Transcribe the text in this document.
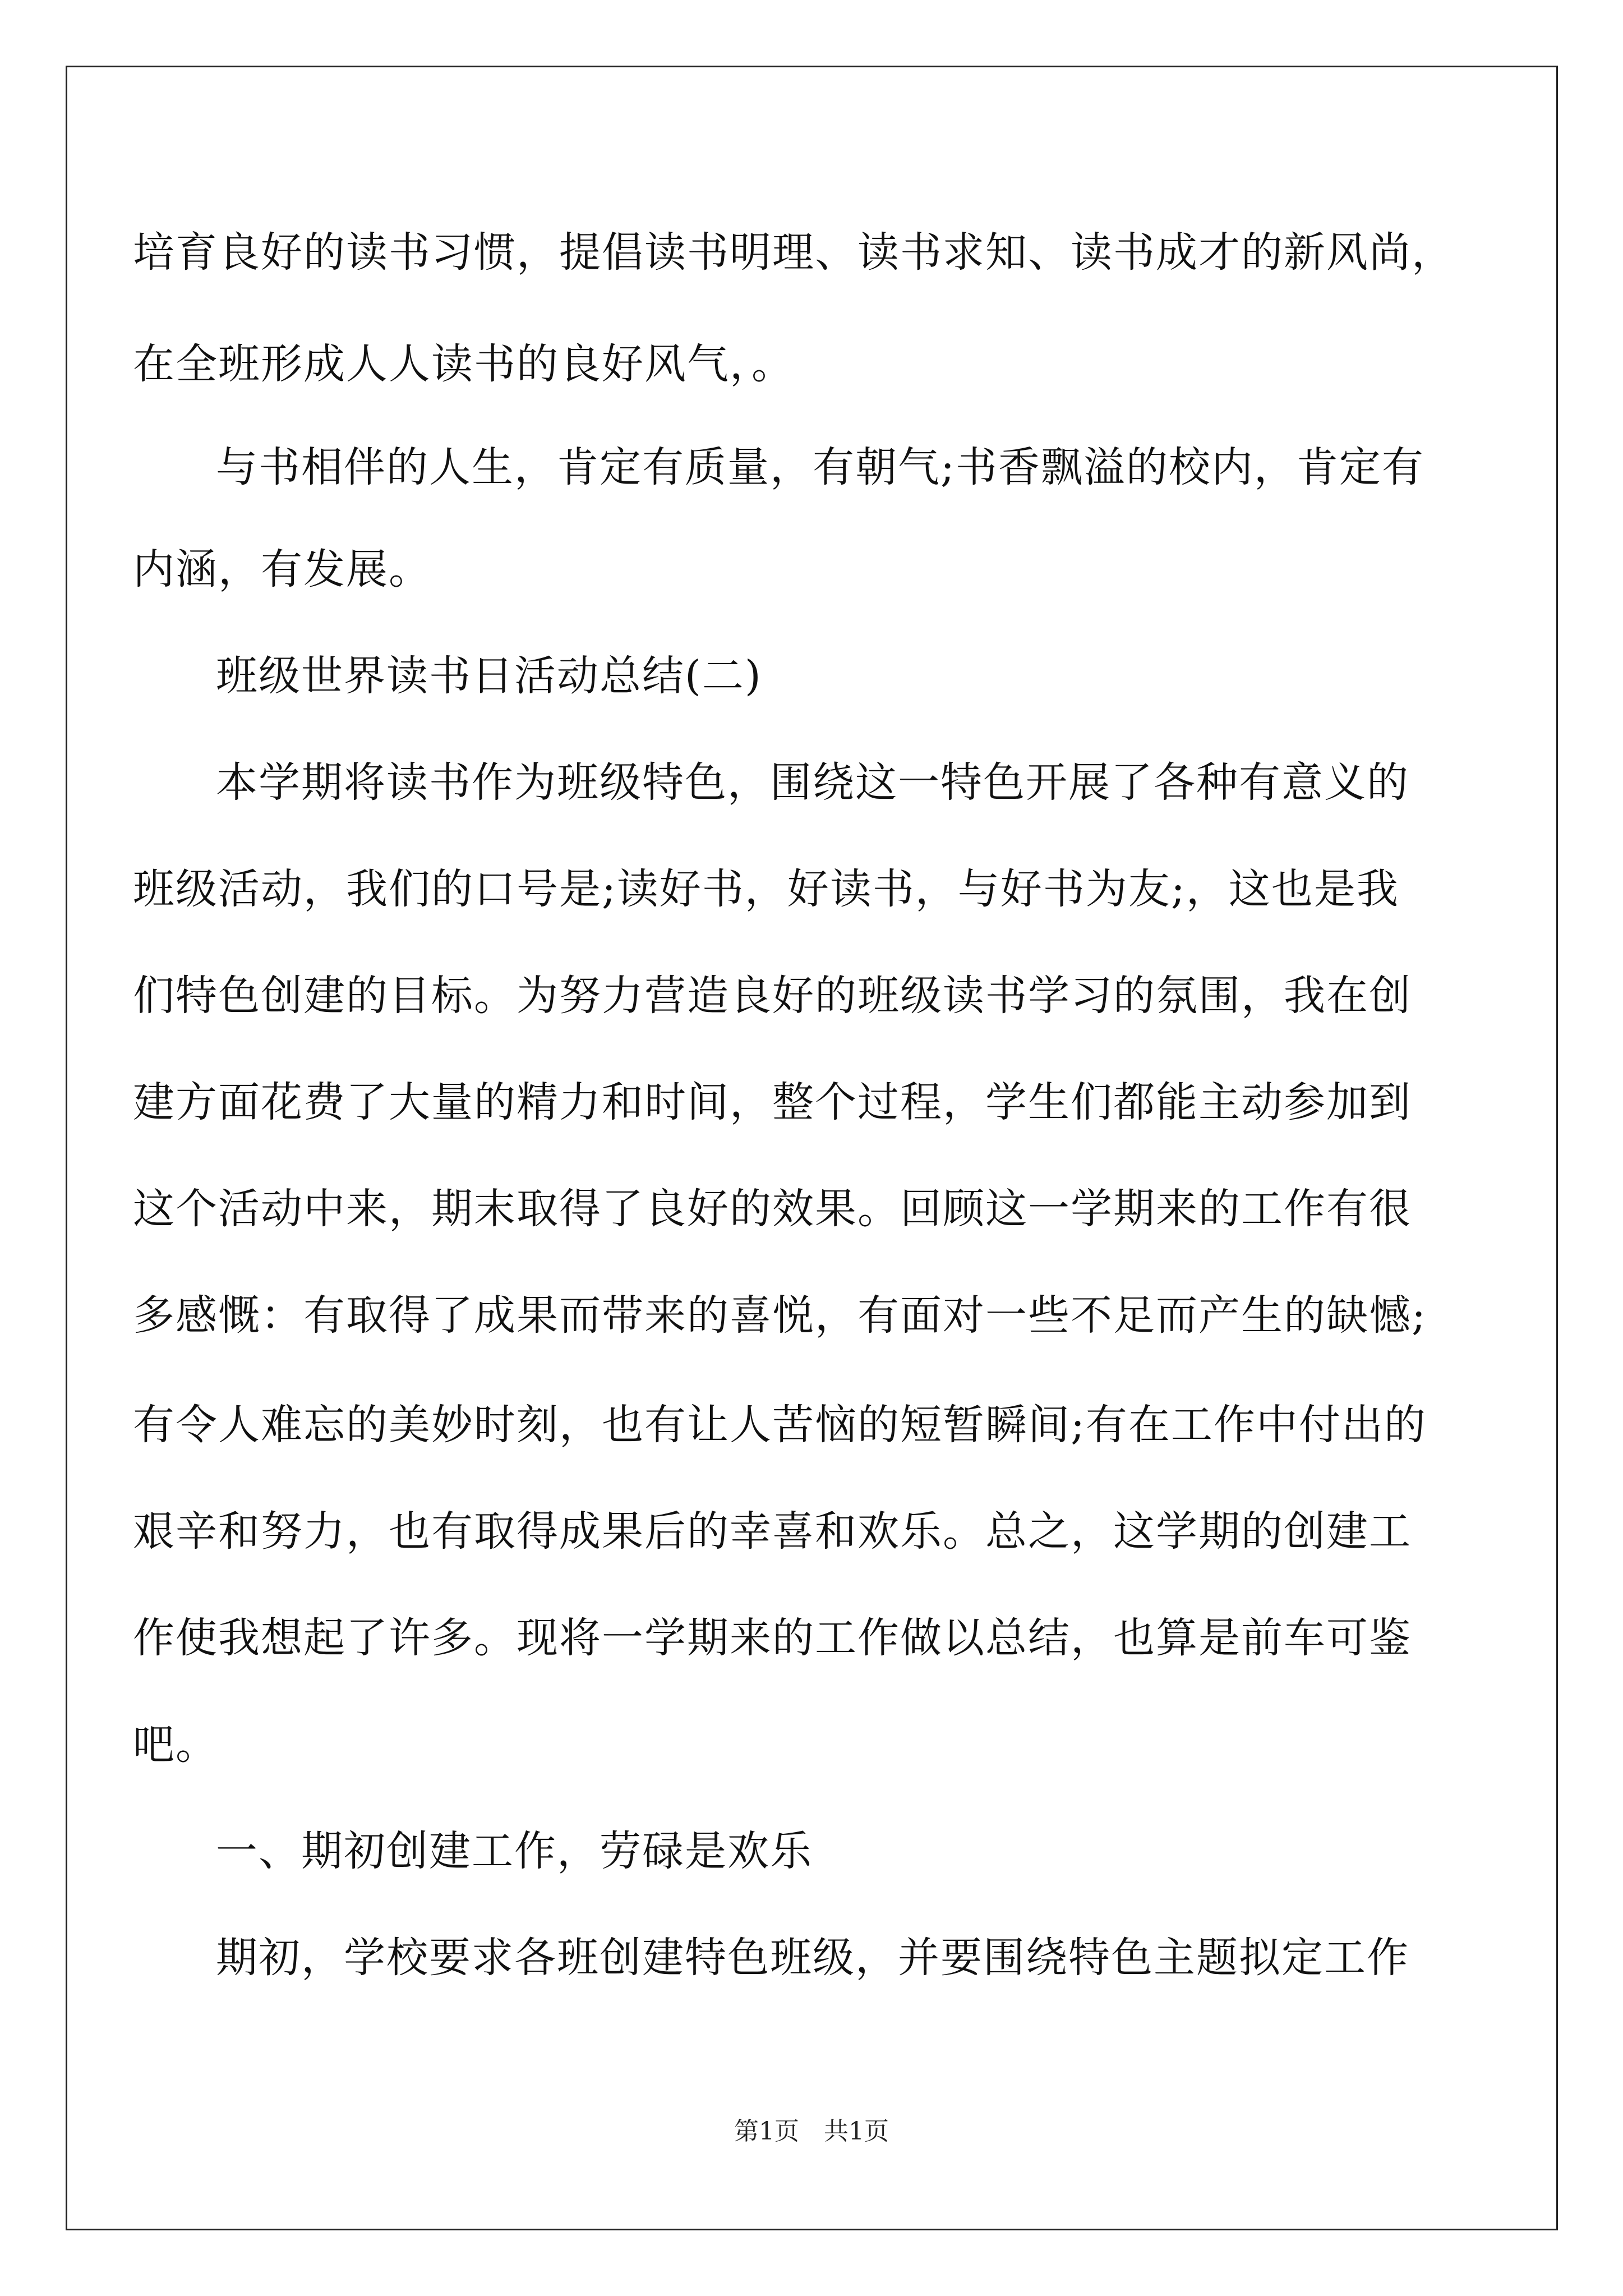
培育良好的读书习惯，提倡读书明理、读书求知、读书成才的新风尚，
在全班形成人人读书的良好风气，。
与书相伴的人生，肯定有质量，有朝气;书香飘溢的校内，肯定有
内涵，有发展。
班级世界读书日活动总结(二)
本学期将读书作为班级特色，围绕这一特色开展了各种有意义的
班级活动，我们的口号是;读好书，好读书，与好书为友;，这也是我
们特色创建的目标。为努力营造良好的班级读书学习的氛围，我在创
建方面花费了大量的精力和时间，整个过程，学生们都能主动参加到
这个活动中来，期末取得了良好的效果。回顾这一学期来的工作有很
多感慨：有取得了成果而带来的喜悦，有面对一些不足而产生的缺憾;
有令人难忘的美妙时刻，也有让人苦恼的短暂瞬间;有在工作中付出的
艰辛和努力，也有取得成果后的幸喜和欢乐。总之，这学期的创建工
作使我想起了许多。现将一学期来的工作做以总结，也算是前车可鉴
吧。
一、期初创建工作，劳碌是欢乐
期初，学校要求各班创建特色班级，并要围绕特色主题拟定工作
第1页　共1页
